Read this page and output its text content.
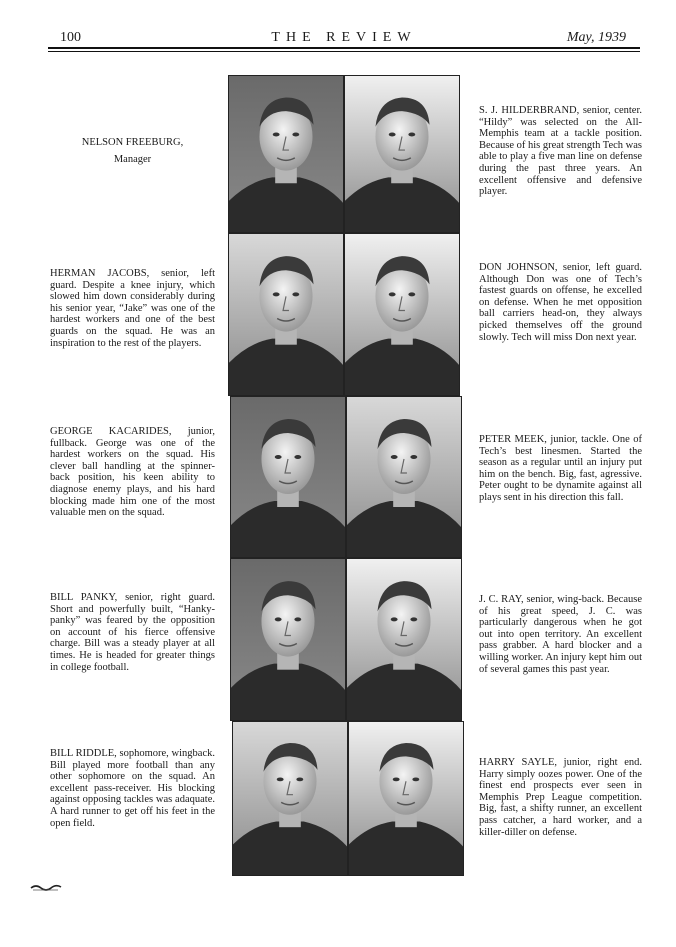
100	THE REVIEW	May, 1939
NELSON FREEBURG,
Manager
HERMAN JACOBS, senior, left guard. Despite a knee injury, which slowed him down considerably during his senior year, “Jake” was one of the hardest workers and one of the best guards on the squad. He was an inspiration to the rest of the players.
GEORGE KACARIDES, junior, fullback. George was one of the hardest workers on the squad. His clever ball handling at the spinner-back position, his keen ability to diagnose enemy plays, and his hard blocking made him one of the most valuable men on the squad.
BILL PANKY, senior, right guard. Short and powerfully built, “Hanky-panky” was feared by the opposition on account of his fierce offensive charge. Bill was a steady player at all times. He is headed for greater things in college football.
BILL RIDDLE, sophomore, wingback. Bill played more football than any other sophomore on the squad. An excellent pass-receiver. His blocking against opposing tackles was adaquate. A hard runner to get off his feet in the open field.
S. J. HILDERBRAND, senior, center. “Hildy” was selected on the All-Memphis team at a tackle position. Because of his great strength Tech was able to play a five man line on defense during the past three years. An excellent offensive and defensive player.
DON JOHNSON, senior, left guard. Although Don was one of Tech’s fastest guards on offense, he excelled on defense. When he met opposition ball carriers head-on, they always picked themselves off the ground slowly. Tech will miss Don next year.
PETER MEEK, junior, tackle. One of Tech’s best linesmen. Started the season as a regular until an injury put him on the bench. Big, fast, agressive. Peter ought to be dynamite against all plays sent in his direction this fall.
J. C. RAY, senior, wing-back. Because of his great speed, J. C. was particularly dangerous when he got out into open territory. An excellent pass grabber. A hard blocker and a willing worker. An injury kept him out of several games this past year.
HARRY SAYLE, junior, right end. Harry simply oozes power. One of the finest end prospects ever seen in Memphis Prep League competition. Big, fast, a shifty runner, an excellent pass catcher, a hard worker, and a killer-diller on defense.
